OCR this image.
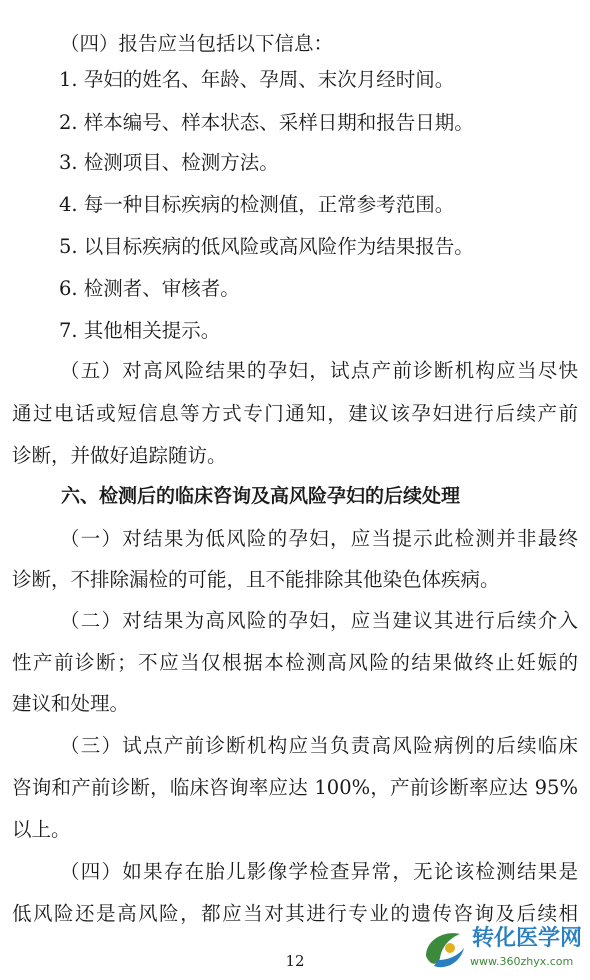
（四）报告应当包括以下信息：
1. 孕妇的姓名、年龄、孕周、末次月经时间。
2. 样本编号、样本状态、采样日期和报告日期。
3. 检测项目、检测方法。
4. 每一种目标疾病的检测值，正常参考范围。
5. 以目标疾病的低风险或高风险作为结果报告。
6. 检测者、审核者。
7. 其他相关提示。
（五）对高风险结果的孕妇，试点产前诊断机构应当尽快
通过电话或短信息等方式专门通知，建议该孕妇进行后续产前
诊断，并做好追踪随访。
六、检测后的临床咨询及高风险孕妇的后续处理
（一）对结果为低风险的孕妇，应当提示此检测并非最终
诊断，不排除漏检的可能，且不能排除其他染色体疾病。
（二）对结果为高风险的孕妇，应当建议其进行后续介入
性产前诊断；不应当仅根据本检测高风险的结果做终止妊娠的
建议和处理。
（三）试点产前诊断机构应当负责高风险病例的后续临床
咨询和产前诊断，临床咨询率应达 100%，产前诊断率应达 95%
以上。
（四）如果存在胎儿影像学检查异常，无论该检测结果是
低风险还是高风险，都应当对其进行专业的遗传咨询及后续相
12
转化医学网
www.360zhyx.com
